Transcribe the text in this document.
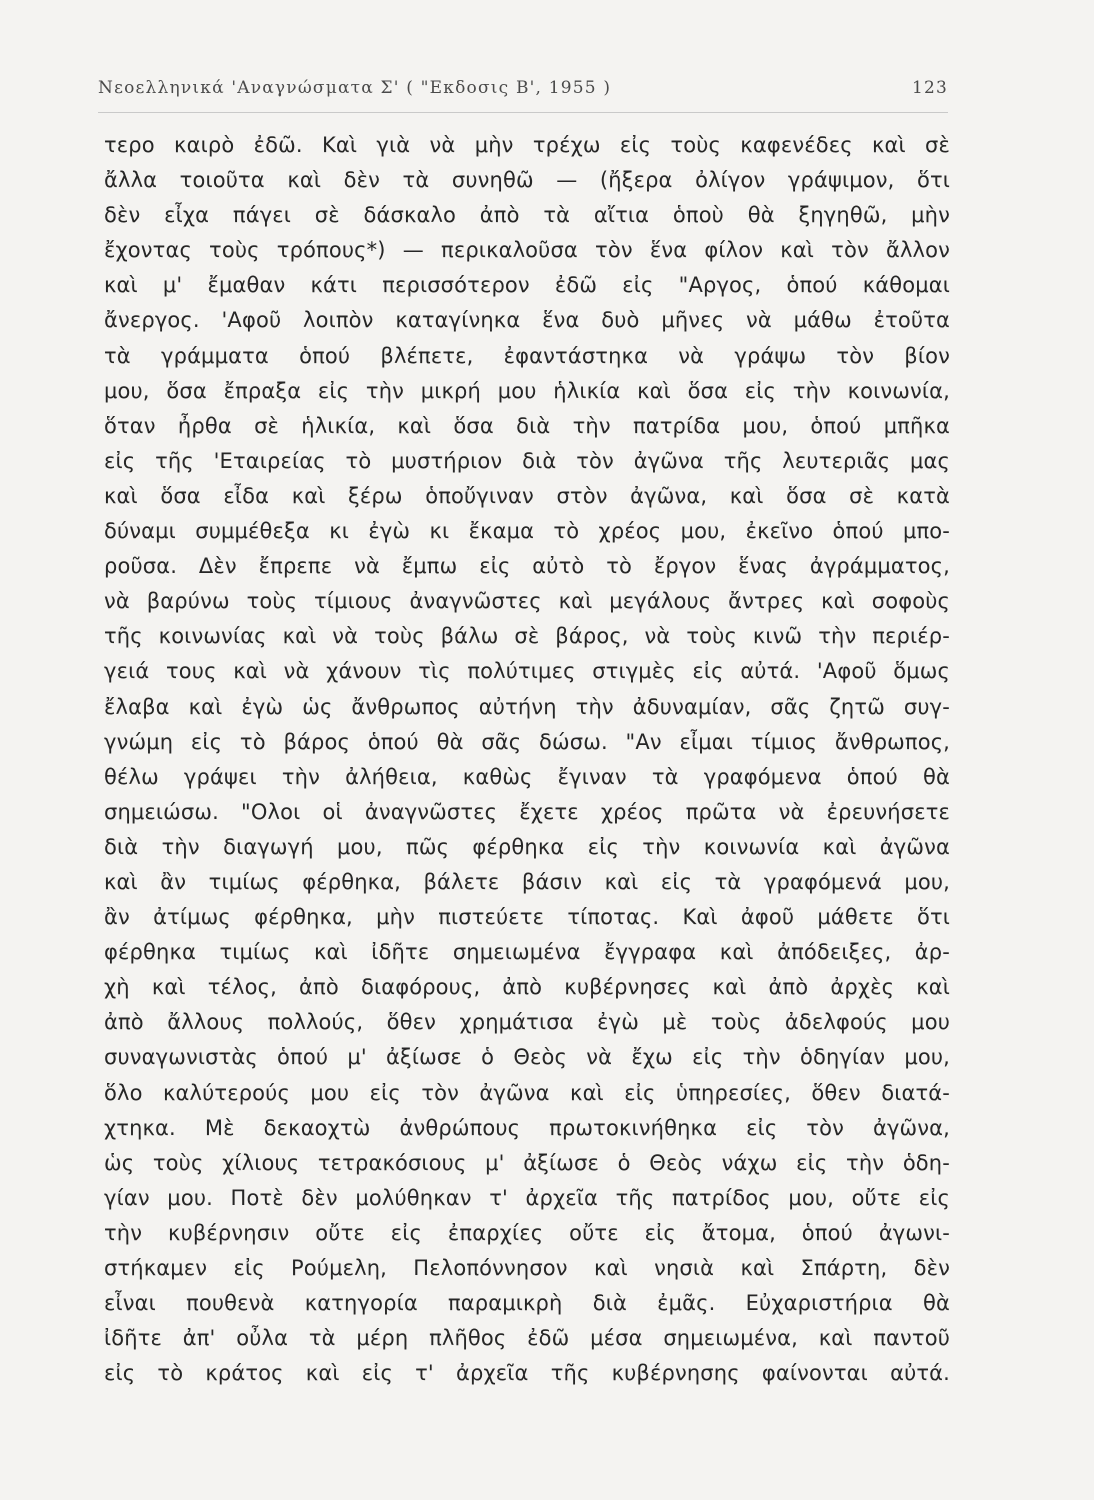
Νεοελληνικά 'Αναγνώσματα Σ' ( "Εκδοσις Β', 1955 )	123
τερο καιρὸ ἐδῶ. Καὶ γιὰ νὰ μὴν τρέχω εἰς τοὺς καφενέδες καὶ σὲ
ἄλλα τοιοῦτα καὶ δὲν τὰ συνηθῶ — (ἤξερα ὀλίγον γράψιμον, ὅτι
δὲν εἶχα πάγει σὲ δάσκαλο ἀπὸ τὰ αἴτια ὁποὺ θὰ ξηγηθῶ, μὴν
ἔχοντας τοὺς τρόπους*) — περικαλοῦσα τὸν ἕνα φίλον καὶ τὸν ἄλλον
καὶ μ' ἔμαθαν κάτι περισσότερον ἐδῶ εἰς "Αργος, ὁπού κάθομαι
ἄνεργος. 'Αφοῦ λοιπὸν καταγίνηκα ἕνα δυὸ μῆνες νὰ μάθω ἐτοῦτα
τὰ γράμματα ὁπού βλέπετε, ἐφαντάστηκα νὰ γράψω τὸν βίον
μου, ὅσα ἔπραξα εἰς τὴν μικρή μου ἡλικία καὶ ὅσα εἰς τὴν κοινωνία,
ὅταν ἦρθα σὲ ἡλικία, καὶ ὅσα διὰ τὴν πατρίδα μου, ὁπού μπῆκα
εἰς τῆς 'Εταιρείας τὸ μυστήριον διὰ τὸν ἀγῶνα τῆς λευτεριᾶς μας
καὶ ὅσα εἶδα καὶ ξέρω ὁποὔγιναν στὸν ἀγῶνα, καὶ ὅσα σὲ κατὰ
δύναμι συμμέθεξα κι ἐγὼ κι ἔκαμα τὸ χρέος μου, ἐκεῖνο ὁπού μπο-
ροῦσα. Δὲν ἔπρεπε νὰ ἔμπω εἰς αὐτὸ τὸ ἔργον ἕνας ἀγράμματος,
νὰ βαρύνω τοὺς τίμιους ἀναγνῶστες καὶ μεγάλους ἄντρες καὶ σοφοὺς
τῆς κοινωνίας καὶ νὰ τοὺς βάλω σὲ βάρος, νὰ τοὺς κινῶ τὴν περιέρ-
γειά τους καὶ νὰ χάνουν τὶς πολύτιμες στιγμὲς εἰς αὐτά. 'Αφοῦ ὅμως
ἔλαβα καὶ ἐγὼ ὡς ἄνθρωπος αὐτήνη τὴν ἀδυναμίαν, σᾶς ζητῶ συγ-
γνώμη εἰς τὸ βάρος ὁπού θὰ σᾶς δώσω. "Αν εἶμαι τίμιος ἄνθρωπος,
θέλω γράψει τὴν ἀλήθεια, καθὼς ἔγιναν τὰ γραφόμενα ὁπού θὰ
σημειώσω. "Ολοι οἱ ἀναγνῶστες ἔχετε χρέος πρῶτα νὰ ἐρευνήσετε
διὰ τὴν διαγωγή μου, πῶς φέρθηκα εἰς τὴν κοινωνία καὶ ἀγῶνα
καὶ ἂν τιμίως φέρθηκα, βάλετε βάσιν καὶ εἰς τὰ γραφόμενά μου,
ἂν ἀτίμως φέρθηκα, μὴν πιστεύετε τίποτας. Καὶ ἀφοῦ μάθετε ὅτι
φέρθηκα τιμίως καὶ ἰδῆτε σημειωμένα ἔγγραφα καὶ ἀπόδειξες, ἀρ-
χὴ καὶ τέλος, ἀπὸ διαφόρους, ἀπὸ κυβέρνησες καὶ ἀπὸ ἀρχὲς καὶ
ἀπὸ ἄλλους πολλούς, ὅθεν χρημάτισα ἐγὼ μὲ τοὺς ἀδελφούς μου
συναγωνιστὰς ὁπού μ' ἀξίωσε ὁ Θεὸς νὰ ἔχω εἰς τὴν ὁδηγίαν μου,
ὅλο καλύτερούς μου εἰς τὸν ἀγῶνα καὶ εἰς ὑπηρεσίες, ὅθεν διατά-
χτηκα. Μὲ δεκαοχτὼ ἀνθρώπους πρωτοκινήθηκα εἰς τὸν ἀγῶνα,
ὡς τοὺς χίλιους τετρακόσιους μ' ἀξίωσε ὁ Θεὸς νάχω εἰς τὴν ὁδη-
γίαν μου. Ποτὲ δὲν μολύθηκαν τ' ἀρχεῖα τῆς πατρίδος μου, οὔτε εἰς
τὴν κυβέρνησιν οὔτε εἰς ἐπαρχίες οὔτε εἰς ἄτομα, ὁπού ἀγωνι-
στήκαμεν εἰς Ρούμελη, Πελοπόννησον καὶ νησιὰ καὶ Σπάρτη, δὲν
εἶναι πουθενὰ κατηγορία παραμικρὴ διὰ ἐμᾶς. Εὐχαριστήρια θὰ
ἰδῆτε ἀπ' οὖλα τὰ μέρη πλῆθος ἐδῶ μέσα σημειωμένα, καὶ παντοῦ
εἰς τὸ κράτος καὶ εἰς τ' ἀρχεῖα τῆς κυβέρνησης φαίνονται αὐτά.
